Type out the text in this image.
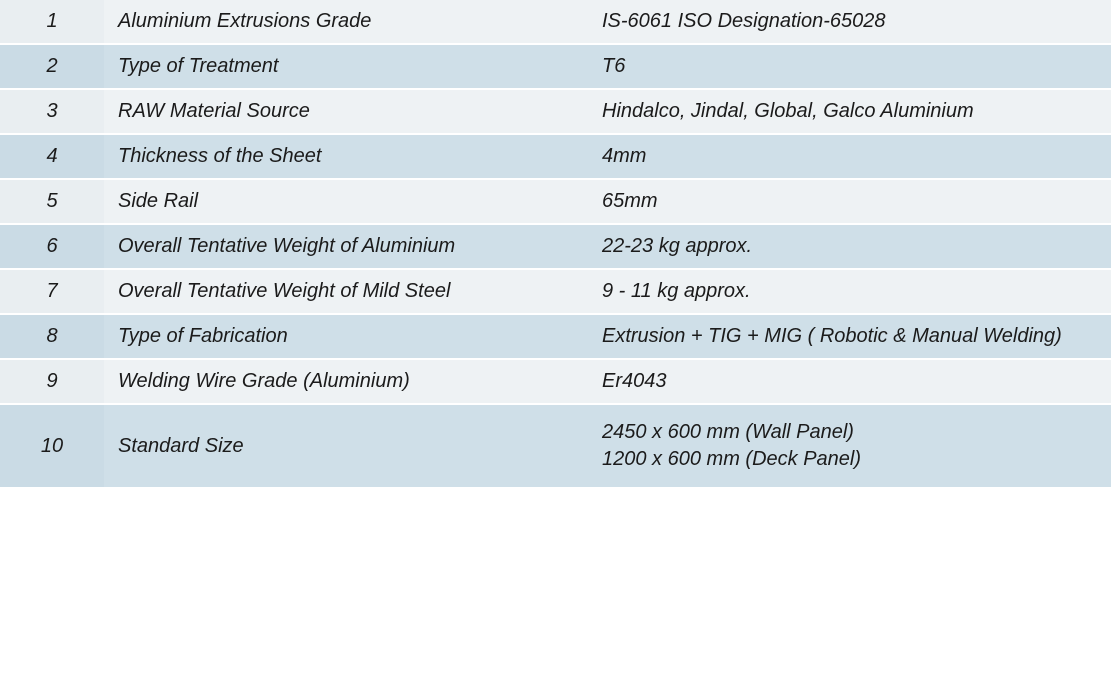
1	Aluminium Extrusions Grade	IS-6061 ISO Designation-65028
2	Type of Treatment	T6
3	RAW Material Source	Hindalco, Jindal, Global, Galco Aluminium
4	Thickness of the Sheet	4mm
5	Side Rail	65mm
6	Overall Tentative Weight of Aluminium	22-23 kg approx.
7	Overall Tentative Weight of Mild Steel	9 - 11 kg approx.
8	Type of Fabrication	Extrusion + TIG + MIG ( Robotic & Manual Welding)
9	Welding Wire Grade (Aluminium)	Er4043
10	Standard Size	2450 x 600 mm (Wall Panel)
1200 x 600 mm (Deck Panel)
